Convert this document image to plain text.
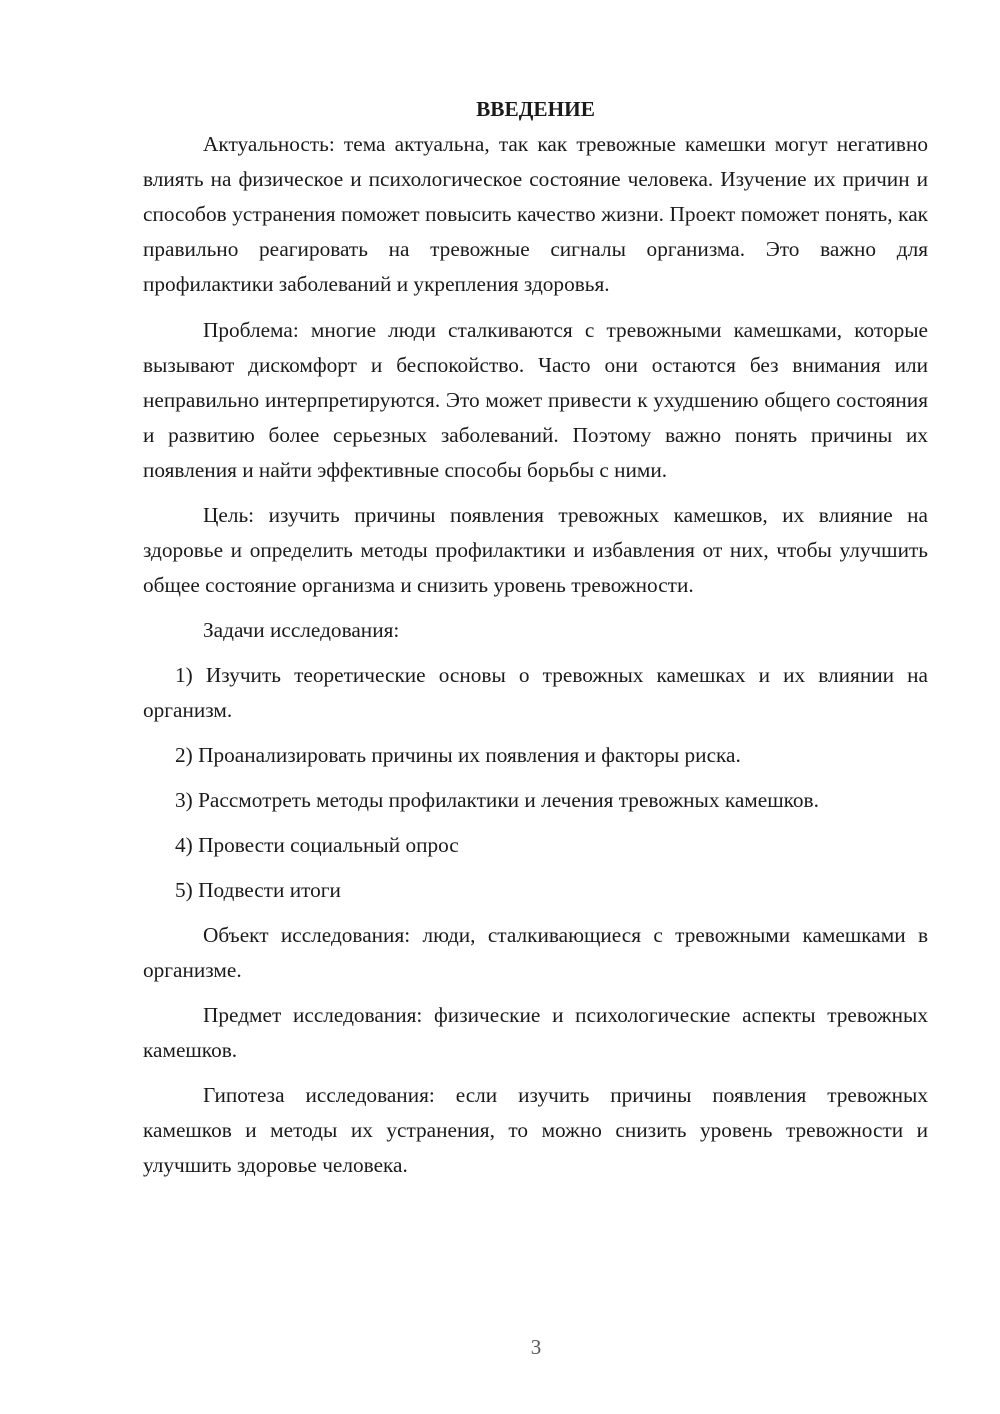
ВВЕДЕНИЕ

Актуальность: тема актуальна, так как тревожные камешки могут негативно влиять на физическое и психологическое состояние человека. Изучение их причин и способов устранения поможет повысить качество жизни. Проект поможет понять, как правильно реагировать на тревожные сигналы организма. Это важно для профилактики заболеваний и укрепления здоровья.

Проблема: многие люди сталкиваются с тревожными камешками, которые вызывают дискомфорт и беспокойство. Часто они остаются без внимания или неправильно интерпретируются. Это может привести к ухудшению общего состояния и развитию более серьезных заболеваний. Поэтому важно понять причины их появления и найти эффективные способы борьбы с ними.

Цель: изучить причины появления тревожных камешков, их влияние на здоровье и определить методы профилактики и избавления от них, чтобы улучшить общее состояние организма и снизить уровень тревожности.

Задачи исследования:

1) Изучить теоретические основы о тревожных камешках и их влиянии на организм.

2) Проанализировать причины их появления и факторы риска.

3) Рассмотреть методы профилактики и лечения тревожных камешков.

4) Провести социальный опрос

5) Подвести итоги

Объект исследования: люди, сталкивающиеся с тревожными камешками в организме.

Предмет исследования: физические и психологические аспекты тревожных камешков.

Гипотеза исследования: если изучить причины появления тревожных камешков и методы их устранения, то можно снизить уровень тревожности и улучшить здоровье человека.

3
